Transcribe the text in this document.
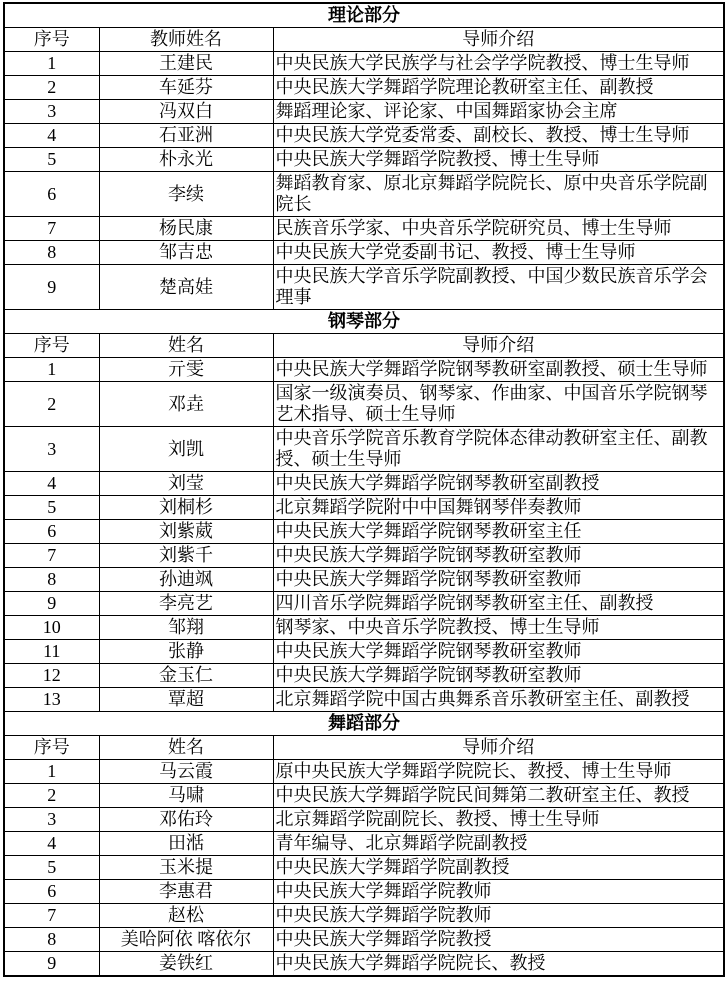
理论部分		
序号	教师姓名	导师介绍
1	王建民	中央民族大学民族学与社会学学院教授、博士生导师
2	车延芬	中央民族大学舞蹈学院理论教研室主任、副教授
3	冯双白	舞蹈理论家、评论家、中国舞蹈家协会主席
4	石亚洲	中央民族大学党委常委、副校长、教授、博士生导师
5	朴永光	中央民族大学舞蹈学院教授、博士生导师
6	李续	舞蹈教育家、原北京舞蹈学院院长、原中央音乐学院副院长
7	杨民康	民族音乐学家、中央音乐学院研究员、博士生导师
8	邹吉忠	中央民族大学党委副书记、教授、博士生导师
9	楚高娃	中央民族大学音乐学院副教授、中国少数民族音乐学会理事
钢琴部分		
序号	姓名	导师介绍
1	亓雯	中央民族大学舞蹈学院钢琴教研室副教授、硕士生导师
2	邓垚	国家一级演奏员、钢琴家、作曲家、中国音乐学院钢琴艺术指导、硕士生导师
3	刘凯	中央音乐学院音乐教育学院体态律动教研室主任、副教授、硕士生导师
4	刘莹	中央民族大学舞蹈学院钢琴教研室副教授
5	刘桐杉	北京舞蹈学院附中中国舞钢琴伴奏教师
6	刘紫葳	中央民族大学舞蹈学院钢琴教研室主任
7	刘紫千	中央民族大学舞蹈学院钢琴教研室教师
8	孙迪飒	中央民族大学舞蹈学院钢琴教研室教师
9	李亮艺	四川音乐学院舞蹈学院钢琴教研室主任、副教授
10	邹翔	钢琴家、中央音乐学院教授、博士生导师
11	张静	中央民族大学舞蹈学院钢琴教研室教师
12	金玉仁	中央民族大学舞蹈学院钢琴教研室教师
13	覃超	北京舞蹈学院中国古典舞系音乐教研室主任、副教授
舞蹈部分		
序号	姓名	导师介绍
1	马云霞	原中央民族大学舞蹈学院院长、教授、博士生导师
2	马啸	中央民族大学舞蹈学院民间舞第二教研室主任、教授
3	邓佑玲	北京舞蹈学院副院长、教授、博士生导师
4	田湉	青年编导、北京舞蹈学院副教授
5	玉米提	中央民族大学舞蹈学院副教授
6	李惠君	中央民族大学舞蹈学院教师
7	赵松	中央民族大学舞蹈学院教师
8	美哈阿依 喀依尔	中央民族大学舞蹈学院教授
9	姜铁红	中央民族大学舞蹈学院院长、教授
